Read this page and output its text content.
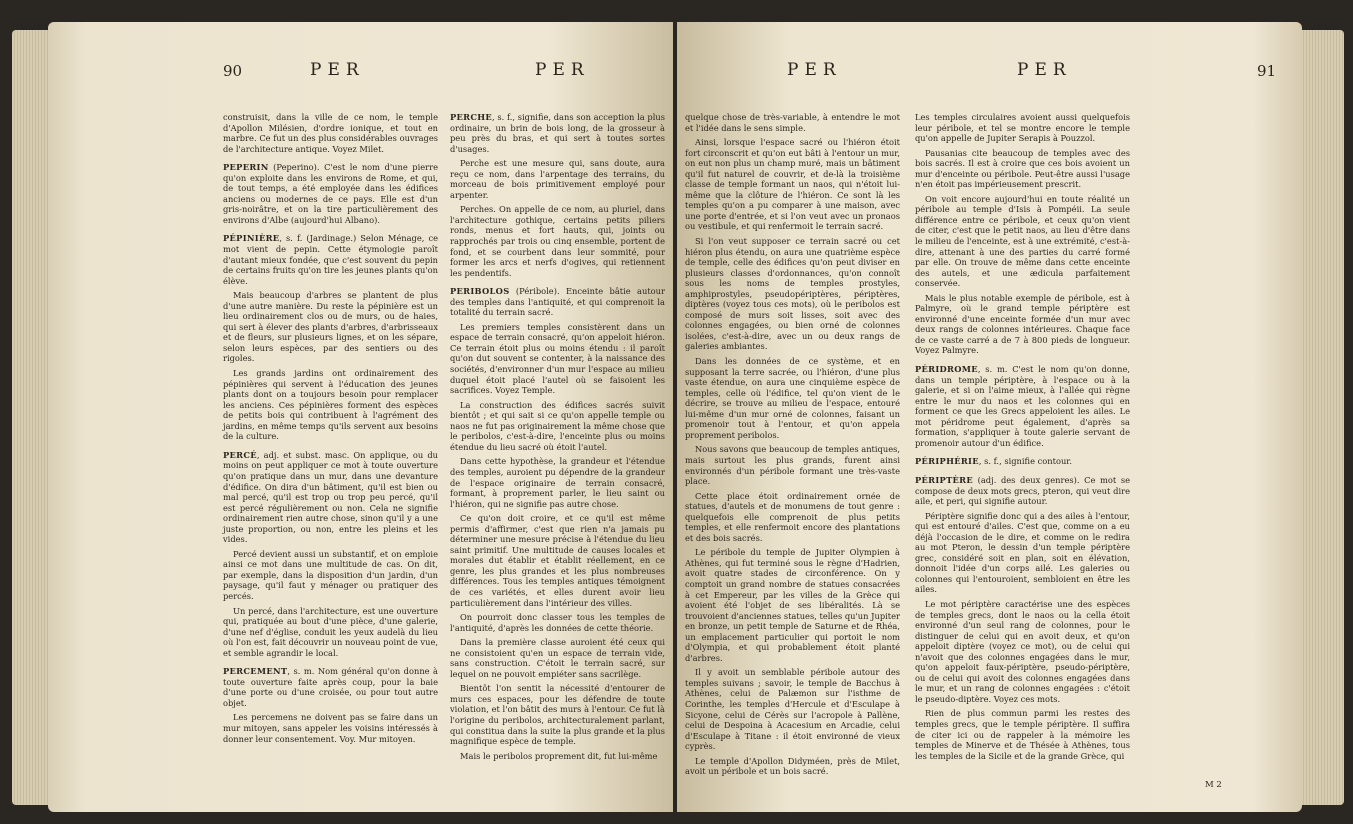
90	PER	PER

construisit, dans la ville de ce nom, le temple d'Apollon Milésien, d'ordre ionique, et tout en marbre. Ce fut un des plus considérables ouvrages de l'architecture antique. Voyez Milet.

PEPERIN (Peperino). C'est le nom d'une pierre qu'on exploite dans les environs de Rome, et qui, de tout temps, a été employée dans les édifices anciens ou modernes de ce pays. Elle est d'un gris-noirâtre, et on la tire particulièrement des environs d'Albe (aujourd'hui Albano).

PÉPINIÈRE, s. f. (Jardinage.) Selon Ménage, ce mot vient de pepin. Cette étymologie paroît d'autant mieux fondée, que c'est souvent du pepin de certains fruits qu'on tire les jeunes plants qu'on élève.

Mais beaucoup d'arbres se plantent de plus d'une autre manière. Du reste la pépinière est un lieu ordinairement clos ou de murs, ou de haies, qui sert à élever des plants d'arbres, d'arbrisseaux et de fleurs, sur plusieurs lignes, et on les sépare, selon leurs espèces, par des sentiers ou des rigoles.

Les grands jardins ont ordinairement des pépinières qui servent à l'éducation des jeunes plants dont on a toujours besoin pour remplacer les anciens. Ces pépinières forment des espèces de petits bois qui contribuent à l'agrément des jardins, en même temps qu'ils servent aux besoins de la culture.

PERCÉ, adj. et subst. masc. On applique, ou du moins on peut appliquer ce mot à toute ouverture qu'on pratique dans un mur, dans une devanture d'édifice. On dira d'un bâtiment, qu'il est bien ou mal percé, qu'il est trop ou trop peu percé, qu'il est percé régulièrement ou non. Cela ne signifie ordinairement rien autre chose, sinon qu'il y a une juste proportion, ou non, entre les pleins et les vides.

Percé devient aussi un substantif, et on emploie ainsi ce mot dans une multitude de cas. On dit, par exemple, dans la disposition d'un jardin, d'un paysage, qu'il faut y ménager ou pratiquer des percés.

Un percé, dans l'architecture, est une ouverture qui, pratiquée au bout d'une pièce, d'une galerie, d'une nef d'église, conduit les yeux audelà du lieu où l'on est, fait découvrir un nouveau point de vue, et semble agrandir le local.

PERCEMENT, s. m. Nom général qu'on donne à toute ouverture faite après coup, pour la baie d'une porte ou d'une croisée, ou pour tout autre objet.

Les percemens ne doivent pas se faire dans un mur mitoyen, sans appeler les voisins intéressés à donner leur consentement. Voy. Mur mitoyen.

PERCHE, s. f., signifie, dans son acception la plus ordinaire, un brin de bois long, de la grosseur à peu près du bras, et qui sert à toutes sortes d'usages.

Perche est une mesure qui, sans doute, aura reçu ce nom, dans l'arpentage des terrains, du morceau de bois primitivement employé pour arpenter.

Perches. On appelle de ce nom, au pluriel, dans l'architecture gothique, certains petits piliers ronds, menus et fort hauts, qui, joints ou rapprochés par trois ou cinq ensemble, portent de fond, et se courbent dans leur sommité, pour former les arcs et nerfs d'ogives, qui retiennent les pendentifs.

PERIBOLOS (Péribole). Enceinte bâtie autour des temples dans l'antiquité, et qui comprenoit la totalité du terrain sacré.

Les premiers temples consistèrent dans un espace de terrain consacré, qu'on appeloit hiéron. Ce terrain étoit plus ou moins étendu : il paroît qu'on dut souvent se contenter, à la naissance des sociétés, d'environner d'un mur l'espace au milieu duquel étoit placé l'autel où se faisoient les sacrifices. Voyez Temple.

La construction des édifices sacrés suivit bientôt ; et qui sait si ce qu'on appelle temple ou naos ne fut pas originairement la même chose que le peribolos, c'est-à-dire, l'enceinte plus ou moins étendue du lieu sacré où étoit l'autel.

Dans cette hypothèse, la grandeur et l'étendue des temples, auroient pu dépendre de la grandeur de l'espace originaire de terrain consacré, formant, à proprement parler, le lieu saint ou l'hiéron, qui ne signifie pas autre chose.

Ce qu'on doit croire, et ce qu'il est même permis d'affirmer, c'est que rien n'a jamais pu déterminer une mesure précise à l'étendue du lieu saint primitif. Une multitude de causes locales et morales dut établir et établit réellement, en ce genre, les plus grandes et les plus nombreuses différences. Tous les temples antiques témoignent de ces variétés, et elles durent avoir lieu particulièrement dans l'intérieur des villes.

On pourroit donc classer tous les temples de l'antiquité, d'après les données de cette théorie.

Dans la première classe auroient été ceux qui ne consistoient qu'en un espace de terrain vide, sans construction. C'étoit le terrain sacré, sur lequel on ne pouvoit empiéter sans sacrilège.

Bientôt l'on sentit la nécessité d'entourer de murs ces espaces, pour les défendre de toute violation, et l'on bâtit des murs à l'entour. Ce fut là l'origine du peribolos, architecturalement parlant, qui constitua dans la suite la plus grande et la plus magnifique espèce de temple.

Mais le peribolos proprement dit, fut lui-même

PER	PER	91

quelque chose de très-variable, à entendre le mot et l'idée dans le sens simple.

Ainsi, lorsque l'espace sacré ou l'hiéron étoit fort circonscrit et qu'on eut bâti à l'entour un mur, on eut non plus un champ muré, mais un bâtiment qu'il fut naturel de couvrir, et de-là la troisième classe de temple formant un naos, qui n'étoit lui-même que la clôture de l'hiéron. Ce sont là les temples qu'on a pu comparer à une maison, avec une porte d'entrée, et si l'on veut avec un pronaos ou vestibule, et qui renfermoit le terrain sacré.

Si l'on veut supposer ce terrain sacré ou cet hiéron plus étendu, on aura une quatrième espèce de temple, celle des édifices qu'on peut diviser en plusieurs classes d'ordonnances, qu'on connoît sous les noms de temples prostyles, amphiprostyles, pseudopériptères, périptères, diptères (voyez tous ces mots), où le peribolos est composé de murs soit lisses, soit avec des colonnes engagées, ou bien orné de colonnes isolées, c'est-à-dire, avec un ou deux rangs de galeries ambiantes.

Dans les données de ce système, et en supposant la terre sacrée, ou l'hiéron, d'une plus vaste étendue, on aura une cinquième espèce de temples, celle où l'édifice, tel qu'on vient de le décrire, se trouve au milieu de l'espace, entouré lui-même d'un mur orné de colonnes, faisant un promenoir tout à l'entour, et qu'on appela proprement peribolos.

Nous savons que beaucoup de temples antiques, mais surtout les plus grands, furent ainsi environnés d'un péribole formant une très-vaste place.

Cette place étoit ordinairement ornée de statues, d'autels et de monumens de tout genre : quelquefois elle comprenoit de plus petits temples, et elle renfermoit encore des plantations et des bois sacrés.

Le péribole du temple de Jupiter Olympien à Athènes, qui fut terminé sous le règne d'Hadrien, avoit quatre stades de circonférence. On y comptoit un grand nombre de statues consacrées à cet Empereur, par les villes de la Grèce qui avoient été l'objet de ses libéralités. Là se trouvoient d'anciennes statues, telles qu'un Jupiter en bronze, un petit temple de Saturne et de Rhéa, un emplacement particulier qui portoit le nom d'Olympia, et qui probablement étoit planté d'arbres.

Il y avoit un semblable péribole autour des temples suivans ; savoir, le temple de Bacchus à Athènes, celui de Palæmon sur l'isthme de Corinthe, les temples d'Hercule et d'Esculape à Sicyone, celui de Cérès sur l'acropole à Pallène, celui de Despoina à Acacesium en Arcadie, celui d'Esculape à Titane : il étoit environné de vieux cyprès.

Le temple d'Apollon Didyméen, près de Milet, avoit un péribole et un bois sacré.

Les temples circulaires avoient aussi quelquefois leur péribole, et tel se montre encore le temple qu'on appelle de Jupiter Serapis à Pouzzol.

Pausanias cite beaucoup de temples avec des bois sacrés. Il est à croire que ces bois avoient un mur d'enceinte ou péribole. Peut-être aussi l'usage n'en étoit pas impérieusement prescrit.

On voit encore aujourd'hui en toute réalité un péribole au temple d'Isis à Pompéii. La seule différence entre ce péribole, et ceux qu'on vient de citer, c'est que le petit naos, au lieu d'être dans le milieu de l'enceinte, est à une extrémité, c'est-à-dire, attenant à une des parties du carré formé par elle. On trouve de même dans cette enceinte des autels, et une ædicula parfaitement conservée.

Mais le plus notable exemple de péribole, est à Palmyre, où le grand temple périptère est environné d'une enceinte formée d'un mur avec deux rangs de colonnes intérieures. Chaque face de ce vaste carré a de 7 à 800 pieds de longueur. Voyez Palmyre.

PÉRIDROME, s. m. C'est le nom qu'on donne, dans un temple périptère, à l'espace ou à la galerie, et si on l'aime mieux, à l'allée qui règne entre le mur du naos et les colonnes qui en forment ce que les Grecs appeloient les ailes. Le mot péridrome peut également, d'après sa formation, s'appliquer à toute galerie servant de promenoir autour d'un édifice.

PÉRIPHÉRIE, s. f., signifie contour.

PÉRIPTÈRE (adj. des deux genres). Ce mot se compose de deux mots grecs, pteron, qui veut dire aile, et peri, qui signifie autour.

Périptère signifie donc qui a des ailes à l'entour, qui est entouré d'ailes. C'est que, comme on a eu déjà l'occasion de le dire, et comme on le redira au mot Pteron, le dessin d'un temple périptère grec, considéré soit en plan, soit en élévation, donnoit l'idée d'un corps ailé. Les galeries ou colonnes qui l'entouroient, sembloient en être les ailes.

Le mot périptère caractérise une des espèces de temples grecs, dont le naos ou la cella étoit environné d'un seul rang de colonnes, pour le distinguer de celui qui en avoit deux, et qu'on appeloit diptère (voyez ce mot), ou de celui qui n'avoit que des colonnes engagées dans le mur, qu'on appeloit faux-périptère, pseudo-périptère, ou de celui qui avoit des colonnes engagées dans le mur, et un rang de colonnes engagées : c'étoit le pseudo-diptère. Voyez ces mots.

Rien de plus commun parmi les restes des temples grecs, que le temple périptère. Il suffira de citer ici ou de rappeler à la mémoire les temples de Minerve et de Thésée à Athènes, tous les temples de la Sicile et de la grande Grèce, qui

M 2
